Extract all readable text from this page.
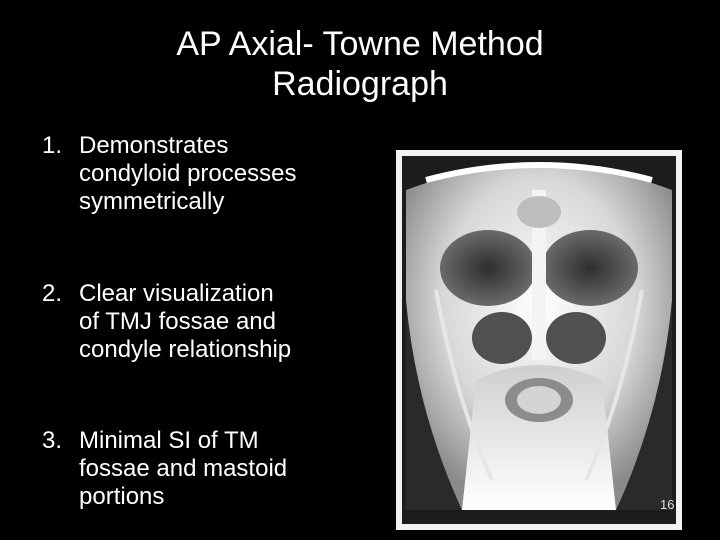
AP Axial- Towne Method
Radiograph
1. Demonstrates
condyloid processes
symmetrically
2. Clear visualization
of TMJ fossae and
condyle relationship
3. Minimal SI of TM
fossae and mastoid
portions	16
